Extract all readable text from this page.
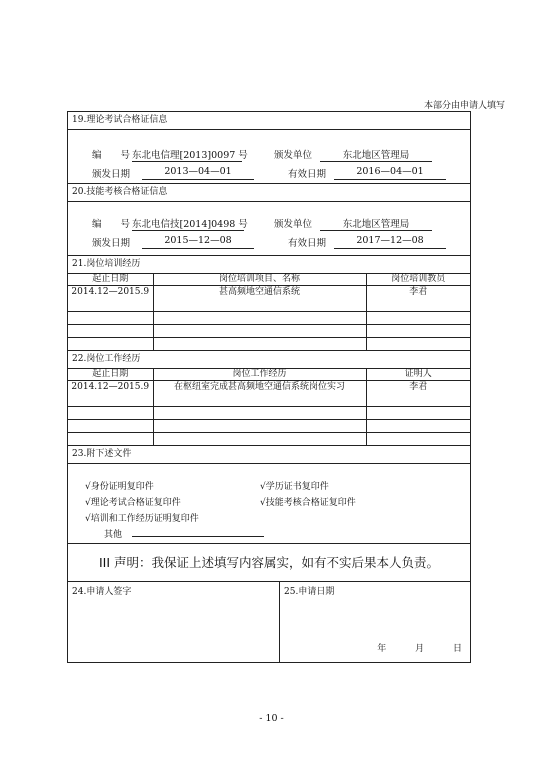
本部分由申请人填写
19.理论考试合格证信息
编　　号 东北电信理[2013]0097 号	颁发单位	东北地区管理局
颁发日期	2013—04—01	有效日期	2016—04—01
20.技能考核合格证信息
编　　号 东北电信技[2014]0498 号	颁发单位	东北地区管理局
颁发日期	2015—12—08	有效日期	2017—12—08
21.岗位培训经历
起止日期	岗位培训项目、名称	岗位培训教员
2014.12—2015.9	甚高频地空通信系统	李君

22.岗位工作经历
起止日期	岗位工作经历	证明人
2014.12—2015.9	在枢纽室完成甚高频地空通信系统岗位实习	李君

23.附下述文件
√身份证明复印件	√学历证书复印件
√理论考试合格证复印件	√技能考核合格证复印件
√培训和工作经历证明复印件
其他
III 声明：我保证上述填写内容属实，如有不实后果本人负责。
24.申请人签字	25.申请日期
年	月	日
- 10 -
